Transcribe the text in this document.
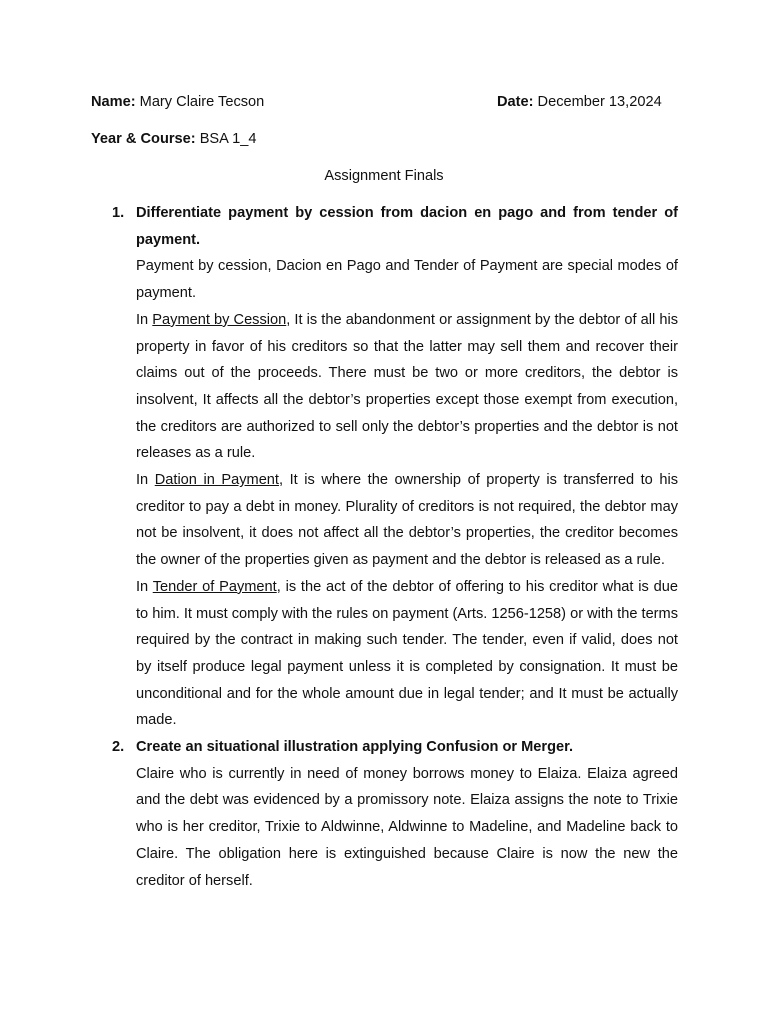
Name: Mary Claire Tecson	Date: December 13,2024
Year & Course: BSA 1_4
Assignment Finals
1. Differentiate payment by cession from dacion en pago and from tender of payment.

Payment by cession, Dacion en Pago and Tender of Payment are special modes of payment.

In Payment by Cession, It is the abandonment or assignment by the debtor of all his property in favor of his creditors so that the latter may sell them and recover their claims out of the proceeds. There must be two or more creditors, the debtor is insolvent, It affects all the debtor’s properties except those exempt from execution, the creditors are authorized to sell only the debtor’s properties and the debtor is not releases as a rule.

In Dation in Payment, It is where the ownership of property is transferred to his creditor to pay a debt in money. Plurality of creditors is not required, the debtor may not be insolvent, it does not affect all the debtor’s properties, the creditor becomes the owner of the properties given as payment and the debtor is released as a rule.

In Tender of Payment, is the act of the debtor of offering to his creditor what is due to him. It must comply with the rules on payment (Arts. 1256-1258) or with the terms required by the contract in making such tender. The tender, even if valid, does not by itself produce legal payment unless it is completed by consignation. It must be unconditional and for the whole amount due in legal tender; and It must be actually made.

2. Create an situational illustration applying Confusion or Merger.

Claire who is currently in need of money borrows money to Elaiza. Elaiza agreed and the debt was evidenced by a promissory note. Elaiza assigns the note to Trixie who is her creditor, Trixie to Aldwinne, Aldwinne to Madeline, and Madeline back to Claire. The obligation here is extinguished because Claire is now the new the creditor of herself.
